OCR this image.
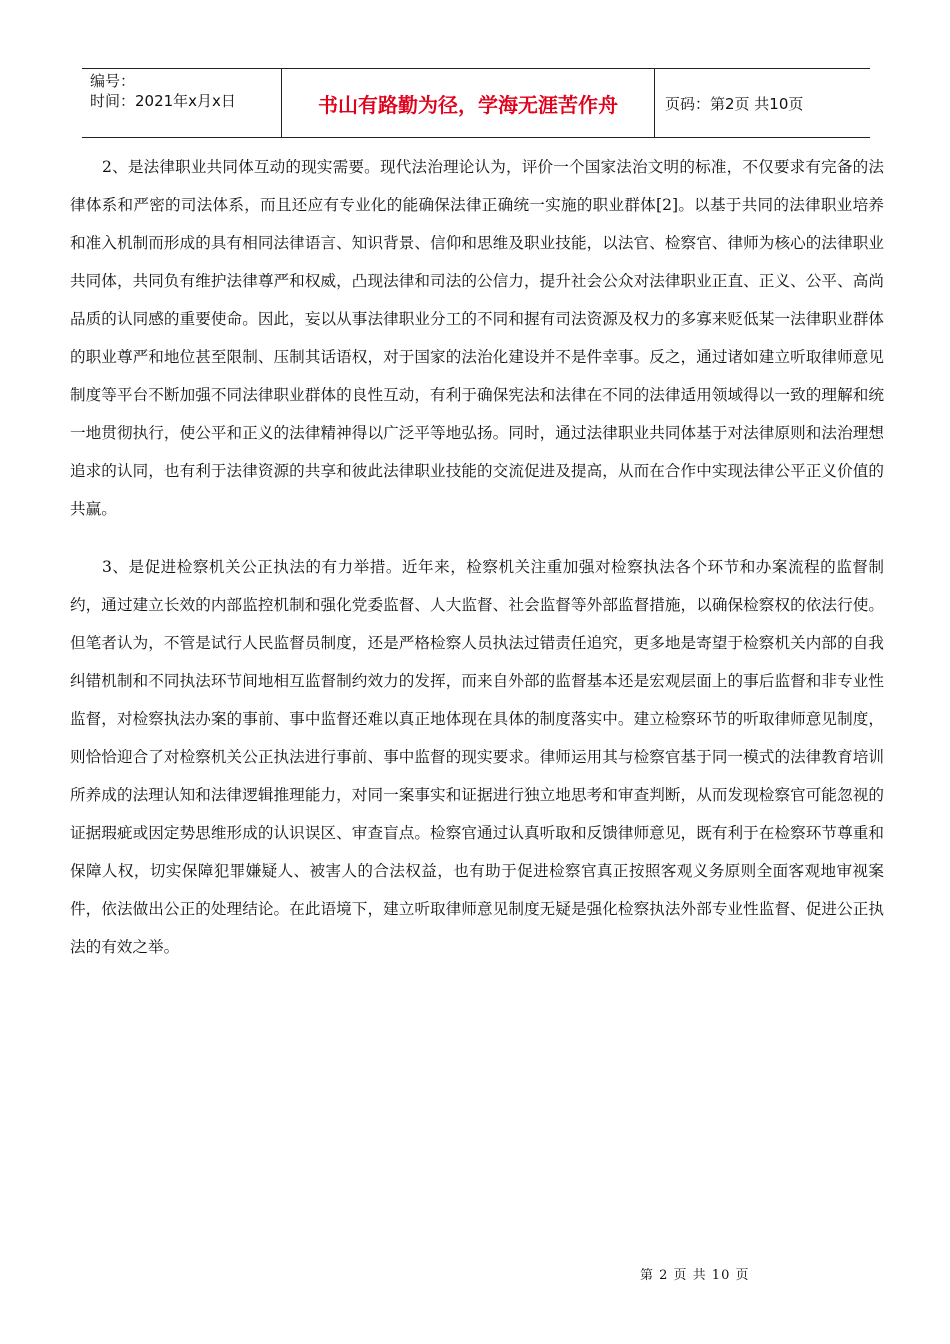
编号：
时间：2021年x月x日	书山有路勤为径，学海无涯苦作舟	页码：第2页 共10页

2、是法律职业共同体互动的现实需要。现代法治理论认为，评价一个国家法治文明的标准，不仅要求有完备的法律体系和严密的司法体系，而且还应有专业化的能确保法律正确统一实施的职业群体[2]。以基于共同的法律职业培养和准入机制而形成的具有相同法律语言、知识背景、信仰和思维及职业技能，以法官、检察官、律师为核心的法律职业共同体，共同负有维护法律尊严和权威，凸现法律和司法的公信力，提升社会公众对法律职业正直、正义、公平、高尚品质的认同感的重要使命。因此，妄以从事法律职业分工的不同和握有司法资源及权力的多寡来贬低某一法律职业群体的职业尊严和地位甚至限制、压制其话语权，对于国家的法治化建设并不是件幸事。反之，通过诸如建立听取律师意见制度等平台不断加强不同法律职业群体的良性互动，有利于确保宪法和法律在不同的法律适用领域得以一致的理解和统一地贯彻执行，使公平和正义的法律精神得以广泛平等地弘扬。同时，通过法律职业共同体基于对法律原则和法治理想追求的认同，也有利于法律资源的共享和彼此法律职业技能的交流促进及提高，从而在合作中实现法律公平正义价值的共赢。

3、是促进检察机关公正执法的有力举措。近年来，检察机关注重加强对检察执法各个环节和办案流程的监督制约，通过建立长效的内部监控机制和强化党委监督、人大监督、社会监督等外部监督措施，以确保检察权的依法行使。但笔者认为，不管是试行人民监督员制度，还是严格检察人员执法过错责任追究，更多地是寄望于检察机关内部的自我纠错机制和不同执法环节间地相互监督制约效力的发挥，而来自外部的监督基本还是宏观层面上的事后监督和非专业性监督，对检察执法办案的事前、事中监督还难以真正地体现在具体的制度落实中。建立检察环节的听取律师意见制度，则恰恰迎合了对检察机关公正执法进行事前、事中监督的现实要求。律师运用其与检察官基于同一模式的法律教育培训所养成的法理认知和法律逻辑推理能力，对同一案事实和证据进行独立地思考和审查判断，从而发现检察官可能忽视的证据瑕疵或因定势思维形成的认识误区、审查盲点。检察官通过认真听取和反馈律师意见，既有利于在检察环节尊重和保障人权，切实保障犯罪嫌疑人、被害人的合法权益，也有助于促进检察官真正按照客观义务原则全面客观地审视案件，依法做出公正的处理结论。在此语境下，建立听取律师意见制度无疑是强化检察执法外部专业性监督、促进公正执法的有效之举。

第 2 页 共 10 页
